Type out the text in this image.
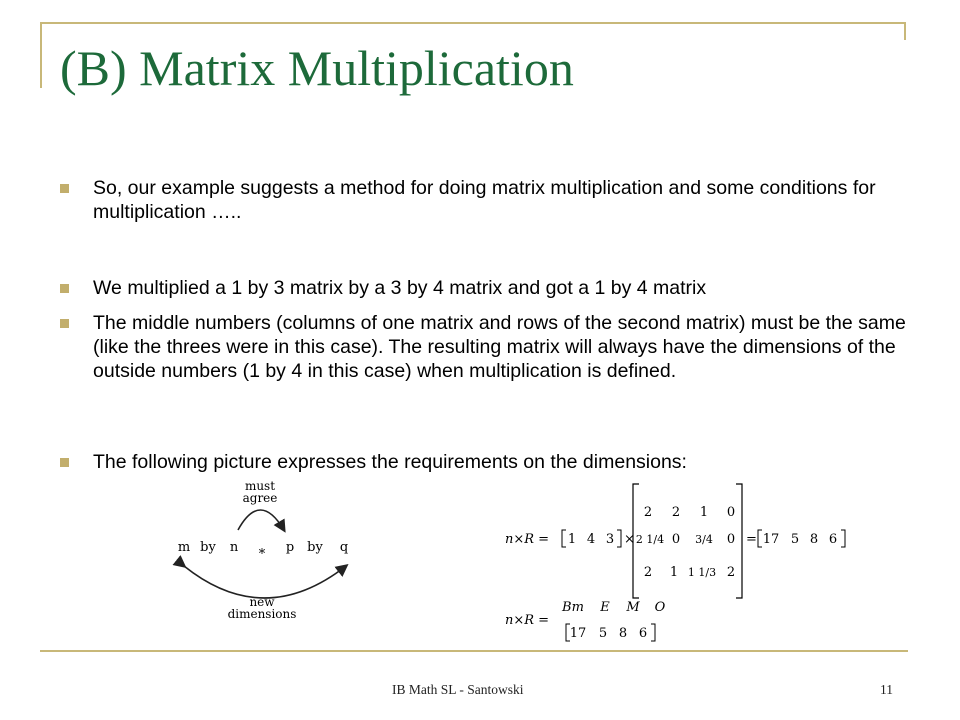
(B) Matrix Multiplication
So, our example suggests a method for doing matrix multiplication and some conditions for multiplication …..
We multiplied a 1 by 3 matrix by a 3 by 4 matrix and got a 1 by 4 matrix
The middle numbers (columns of one matrix and rows of the second matrix) must be the same (like the threes were in this case). The resulting matrix will always have the dimensions of the outside numbers (1 by 4 in this case) when multiplication is defined.
The following picture expresses the requirements on the dimensions:
must
agree
m by n * p by q
new
dimensions
n×R = 1 4 3 ×
2 2 1 0
2 1/4 0 3/4 0
2 1 1 1/3 2
= 17 5 8 6
n×R =
Bm E M O
17 5 8 6
IB Math SL - Santowski	11
